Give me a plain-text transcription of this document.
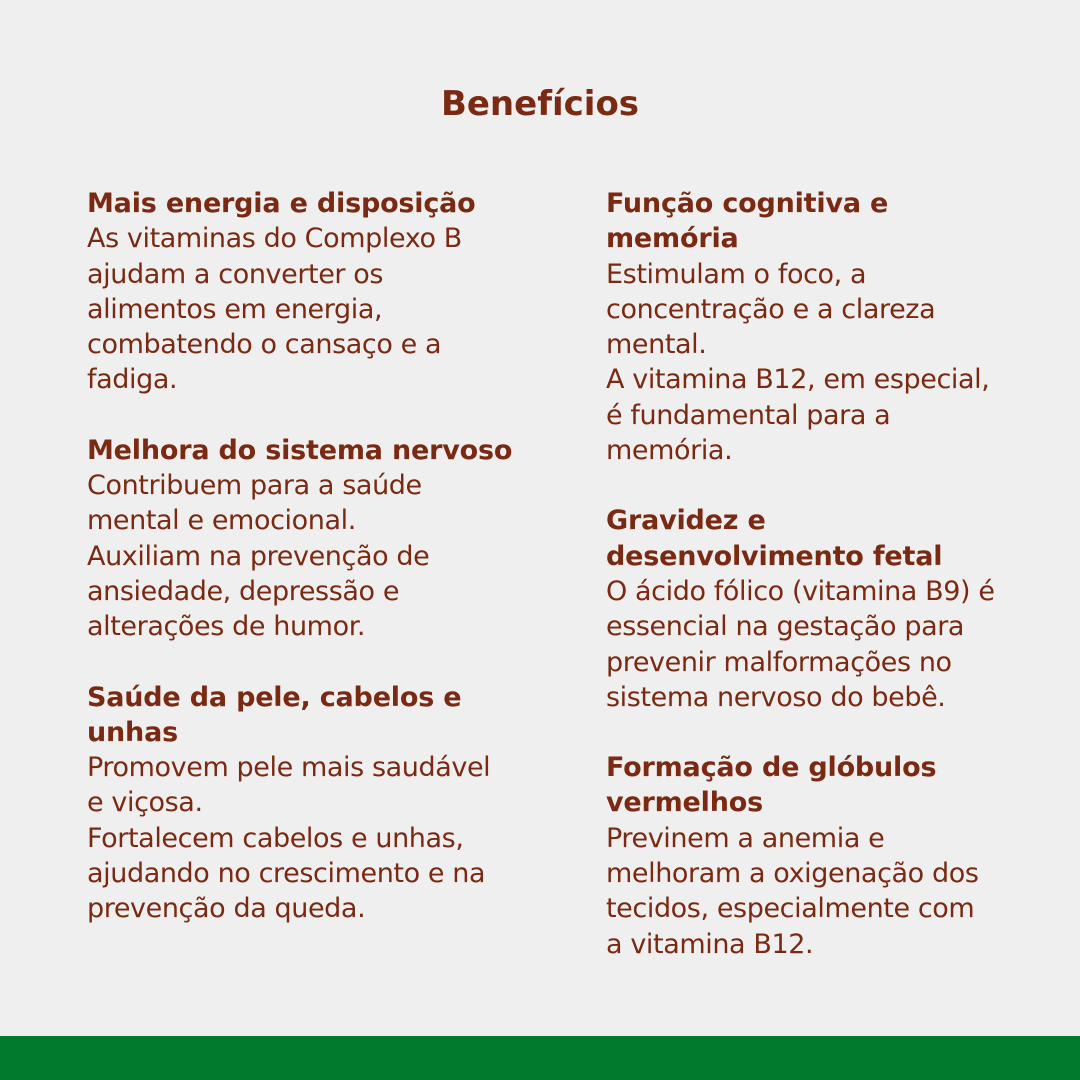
Benefícios

Mais energia e disposição

As vitaminas do Complexo B
ajudam a converter os
alimentos em energia,
combatendo o cansaço e a
fadiga.

Melhora do sistema nervoso

Contribuem para a saúde
mental e emocional.
Auxiliam na prevenção de
ansiedade, depressão e
alterações de humor.

Saúde da pele, cabelos e
unhas

Promovem pele mais saudável
e viçosa.
Fortalecem cabelos e unhas,
ajudando no crescimento e na
prevenção da queda.

Função cognitiva e
memória

Estimulam o foco, a
concentração e a clareza
mental.
A vitamina B12, em especial,
é fundamental para a
memória.

Gravidez e
desenvolvimento fetal

O ácido fólico (vitamina B9) é
essencial na gestação para
prevenir malformações no
sistema nervoso do bebê.

Formação de glóbulos
vermelhos

Previnem a anemia e
melhoram a oxigenação dos
tecidos, especialmente com
a vitamina B12.
